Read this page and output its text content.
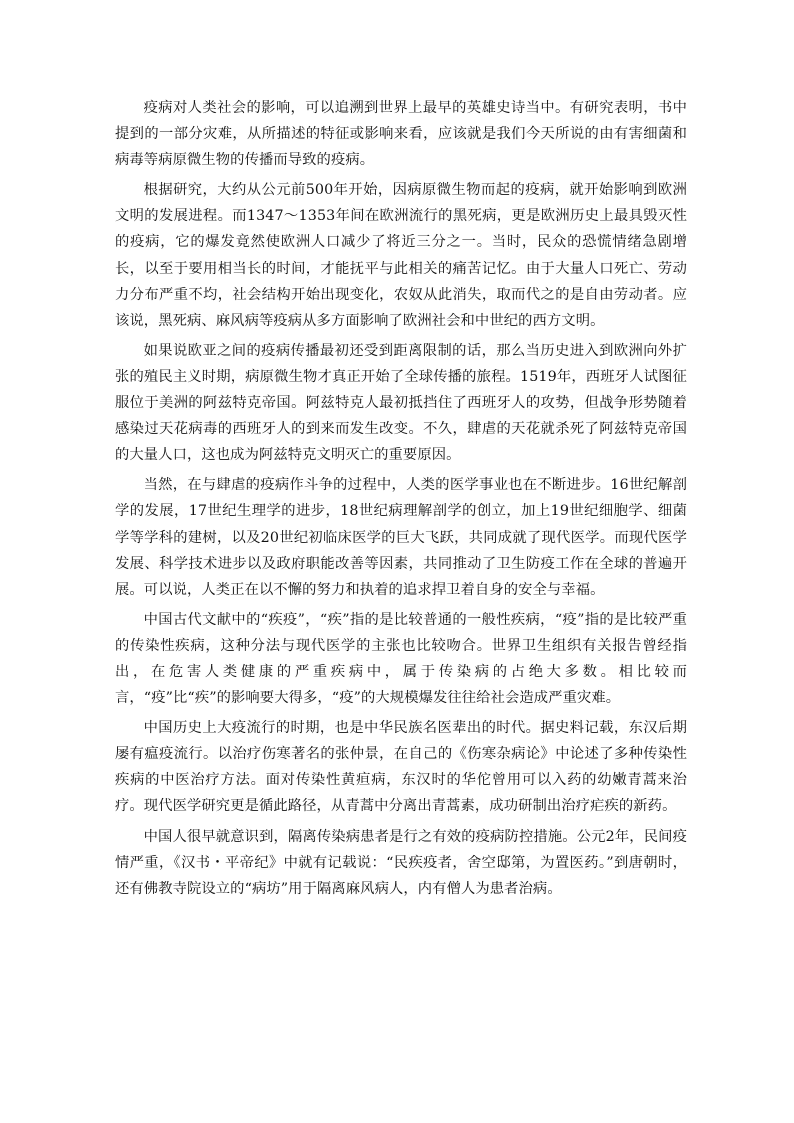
疫病对人类社会的影响，可以追溯到世界上最早的英雄史诗当中。有研究表明，书中提到的一部分灾难，从所描述的特征或影响来看，应该就是我们今天所说的由有害细菌和病毒等病原微生物的传播而导致的疫病。

根据研究，大约从公元前500年开始，因病原微生物而起的疫病，就开始影响到欧洲文明的发展进程。而1347〜1353年间在欧洲流行的黑死病，更是欧洲历史上最具毁灭性的疫病，它的爆发竟然使欧洲人口减少了将近三分之一。当时，民众的恐慌情绪急剧增长，以至于要用相当长的时间，才能抚平与此相关的痛苦记忆。由于大量人口死亡、劳动力分布严重不均，社会结构开始出现变化，农奴从此消失，取而代之的是自由劳动者。应该说，黑死病、麻风病等疫病从多方面影响了欧洲社会和中世纪的西方文明。

如果说欧亚之间的疫病传播最初还受到距离限制的话，那么当历史进入到欧洲向外扩张的殖民主义时期，病原微生物才真正开始了全球传播的旅程。1519年，西班牙人试图征服位于美洲的阿兹特克帝国。阿兹特克人最初抵挡住了西班牙人的攻势，但战争形势随着感染过天花病毒的西班牙人的到来而发生改变。不久，肆虐的天花就杀死了阿兹特克帝国的大量人口，这也成为阿兹特克文明灭亡的重要原因。

当然，在与肆虐的疫病作斗争的过程中，人类的医学事业也在不断进步。16世纪解剖学的发展，17世纪生理学的进步，18世纪病理解剖学的创立，加上19世纪细胞学、细菌学等学科的建树，以及20世纪初临床医学的巨大飞跃，共同成就了现代医学。而现代医学发展、科学技术进步以及政府职能改善等因素，共同推动了卫生防疫工作在全球的普遍开展。可以说，人类正在以不懈的努力和执着的追求捍卫着自身的安全与幸福。

中国古代文献中的“疾疫”，“疾”指的是比较普通的一般性疾病，“疫”指的是比较严重的传染性疾病，这种分法与现代医学的主张也比较吻合。世界卫生组织有关报告曾经指出，在危害人类健康的严重疾病中，属于传染病的占绝大多数。相比较而言，“疫”比“疾”的影响要大得多，“疫”的大规模爆发往往给社会造成严重灾难。

中国历史上大疫流行的时期，也是中华民族名医辈出的时代。据史料记载，东汉后期屡有瘟疫流行。以治疗伤寒著名的张仲景，在自己的《伤寒杂病论》中论述了多种传染性疾病的中医治疗方法。面对传染性黄疸病，东汉时的华佗曾用可以入药的幼嫩青蒿来治疗。现代医学研究更是循此路径，从青蒿中分离出青蒿素，成功研制出治疗疟疾的新药。

中国人很早就意识到，隔离传染病患者是行之有效的疫病防控措施。公元2年，民间疫情严重，《汉书・平帝纪》中就有记载说：“民疾疫者，舍空邸第，为置医药。”到唐朝时，还有佛教寺院设立的“病坊”用于隔离麻风病人，内有僧人为患者治病。
